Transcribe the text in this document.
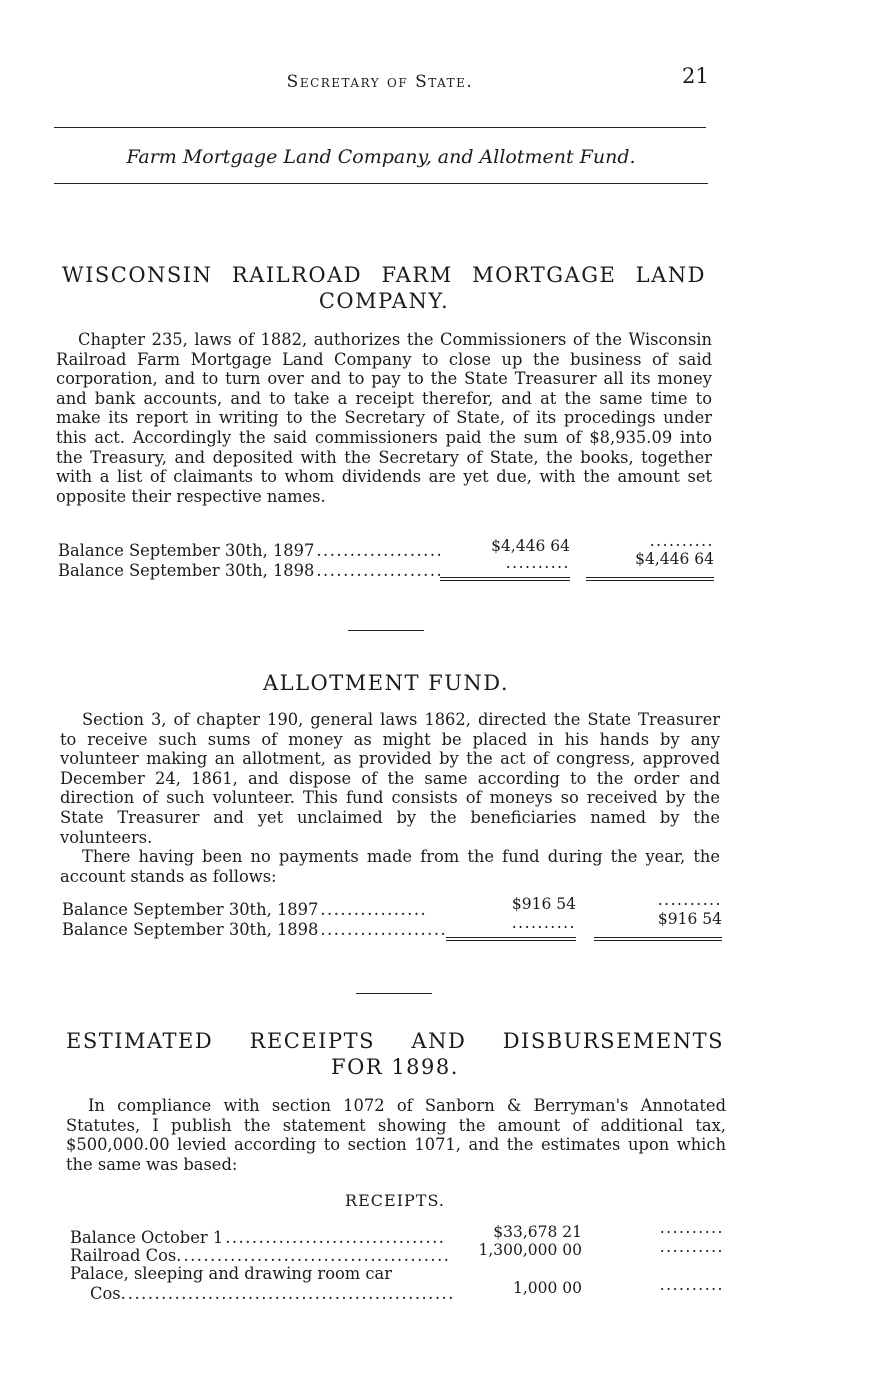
Secretary of State.	21
Farm Mortgage Land Company, and Allotment Fund.
WISCONSIN RAILROAD FARM MORTGAGE LAND
COMPANY.

Chapter 235, laws of 1882, authorizes the Commissioners of the Wisconsin Railroad Farm Mortgage Land Company to close up the business of said corporation, and to turn over and to pay to the State Treasurer all its money and bank accounts, and to take a receipt therefor, and at the same time to make its report in writing to the Secretary of State, of its procedings under this act. Accordingly the said commissioners paid the sum of $8,935.09 into the Treasury, and deposited with the Secretary of State, the books, together with a list of claimants to whom dividends are yet due, with the amount set opposite their respective names.

Balance September 30th, 1897 .....	$4,446 64	..........
Balance September 30th, 1898 .....	..........	$4,446 64
ALLOTMENT FUND.

Section 3, of chapter 190, general laws 1862, directed the State Treasurer to receive such sums of money as might be placed in his hands by any volunteer making an allotment, as provided by the act of congress, approved December 24, 1861, and dispose of the same according to the order and direction of such volunteer. This fund consists of moneys so received by the State Treasurer and yet unclaimed by the beneficiaries named by the volunteers.

There having been no payments made from the fund during the year, the account stands as follows:

Balance September 30th, 1897 .....	$916 54	..........
Balance September 30th, 1898 .....	..........	$916 54
ESTIMATED RECEIPTS AND DISBURSEMENTS
FOR 1898.

In compliance with section 1072 of Sanborn & Berryman's Annotated Statutes, I publish the statement showing the amount of additional tax, $500,000.00 levied according to section 1071, and the estimates upon which the same was based:

RECEIPTS.
Balance October 1 .....	$33,678 21	..........
Railroad Cos. .....	1,300,000 00	..........
Palace, sleeping and drawing room car
Cos. .....	1,000 00	..........
